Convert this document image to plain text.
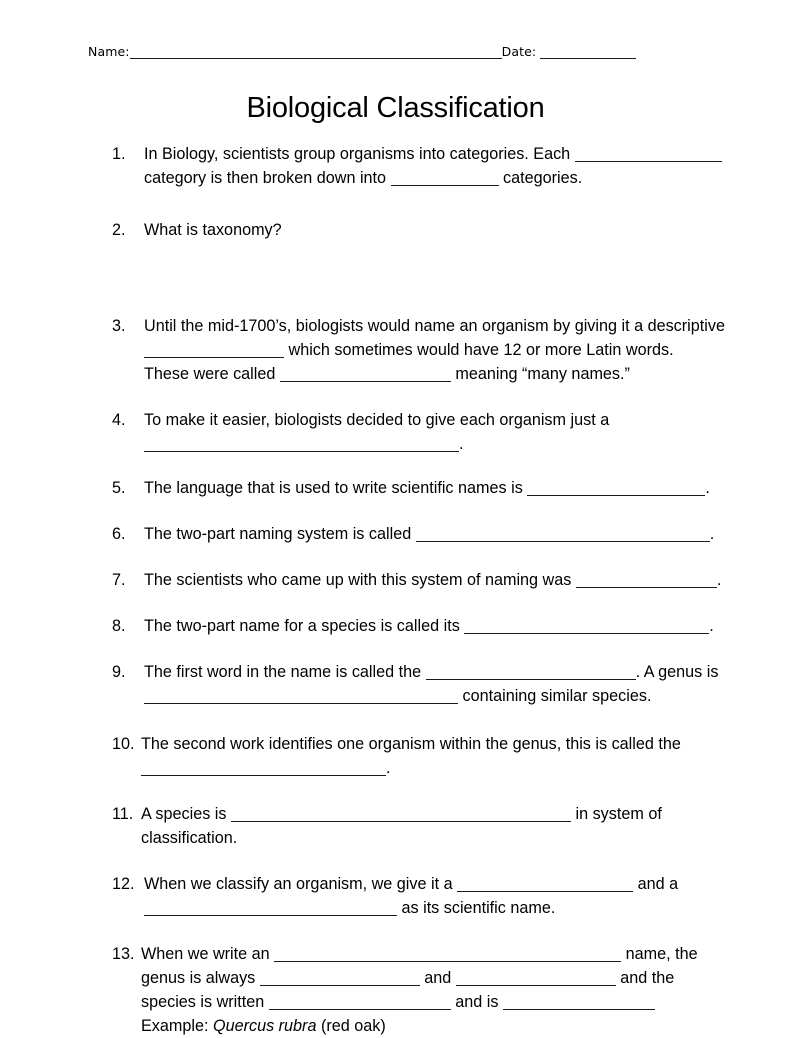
Name:	Date:
Biological Classification
1.	In Biology, scientists group organisms into categories. Each
category is then broken down into	categories.
2.	What is taxonomy?
3.	Until the mid-1700’s, biologists would name an organism by giving it a descriptive
which sometimes would have 12 or more Latin words.
These were called	meaning “many names.”
4.	To make it easier, biologists decided to give each organism just a
.
5.	The language that is used to write scientific names is	.
6.	The two-part naming system is called	.
7.	The scientists who came up with this system of naming was	.
8.	The two-part name for a species is called its	.
9.	The first word in the name is called the	. A genus is
containing similar species.
10. The second work identifies one organism within the genus, this is called the
.
11. A species is	in system of
classification.
12. When we classify an organism, we give it a	and a
as its scientific name.
13. When we write an	name, the
genus is always	and	and the
species is written	and is
Example: Quercus rubra (red oak)
